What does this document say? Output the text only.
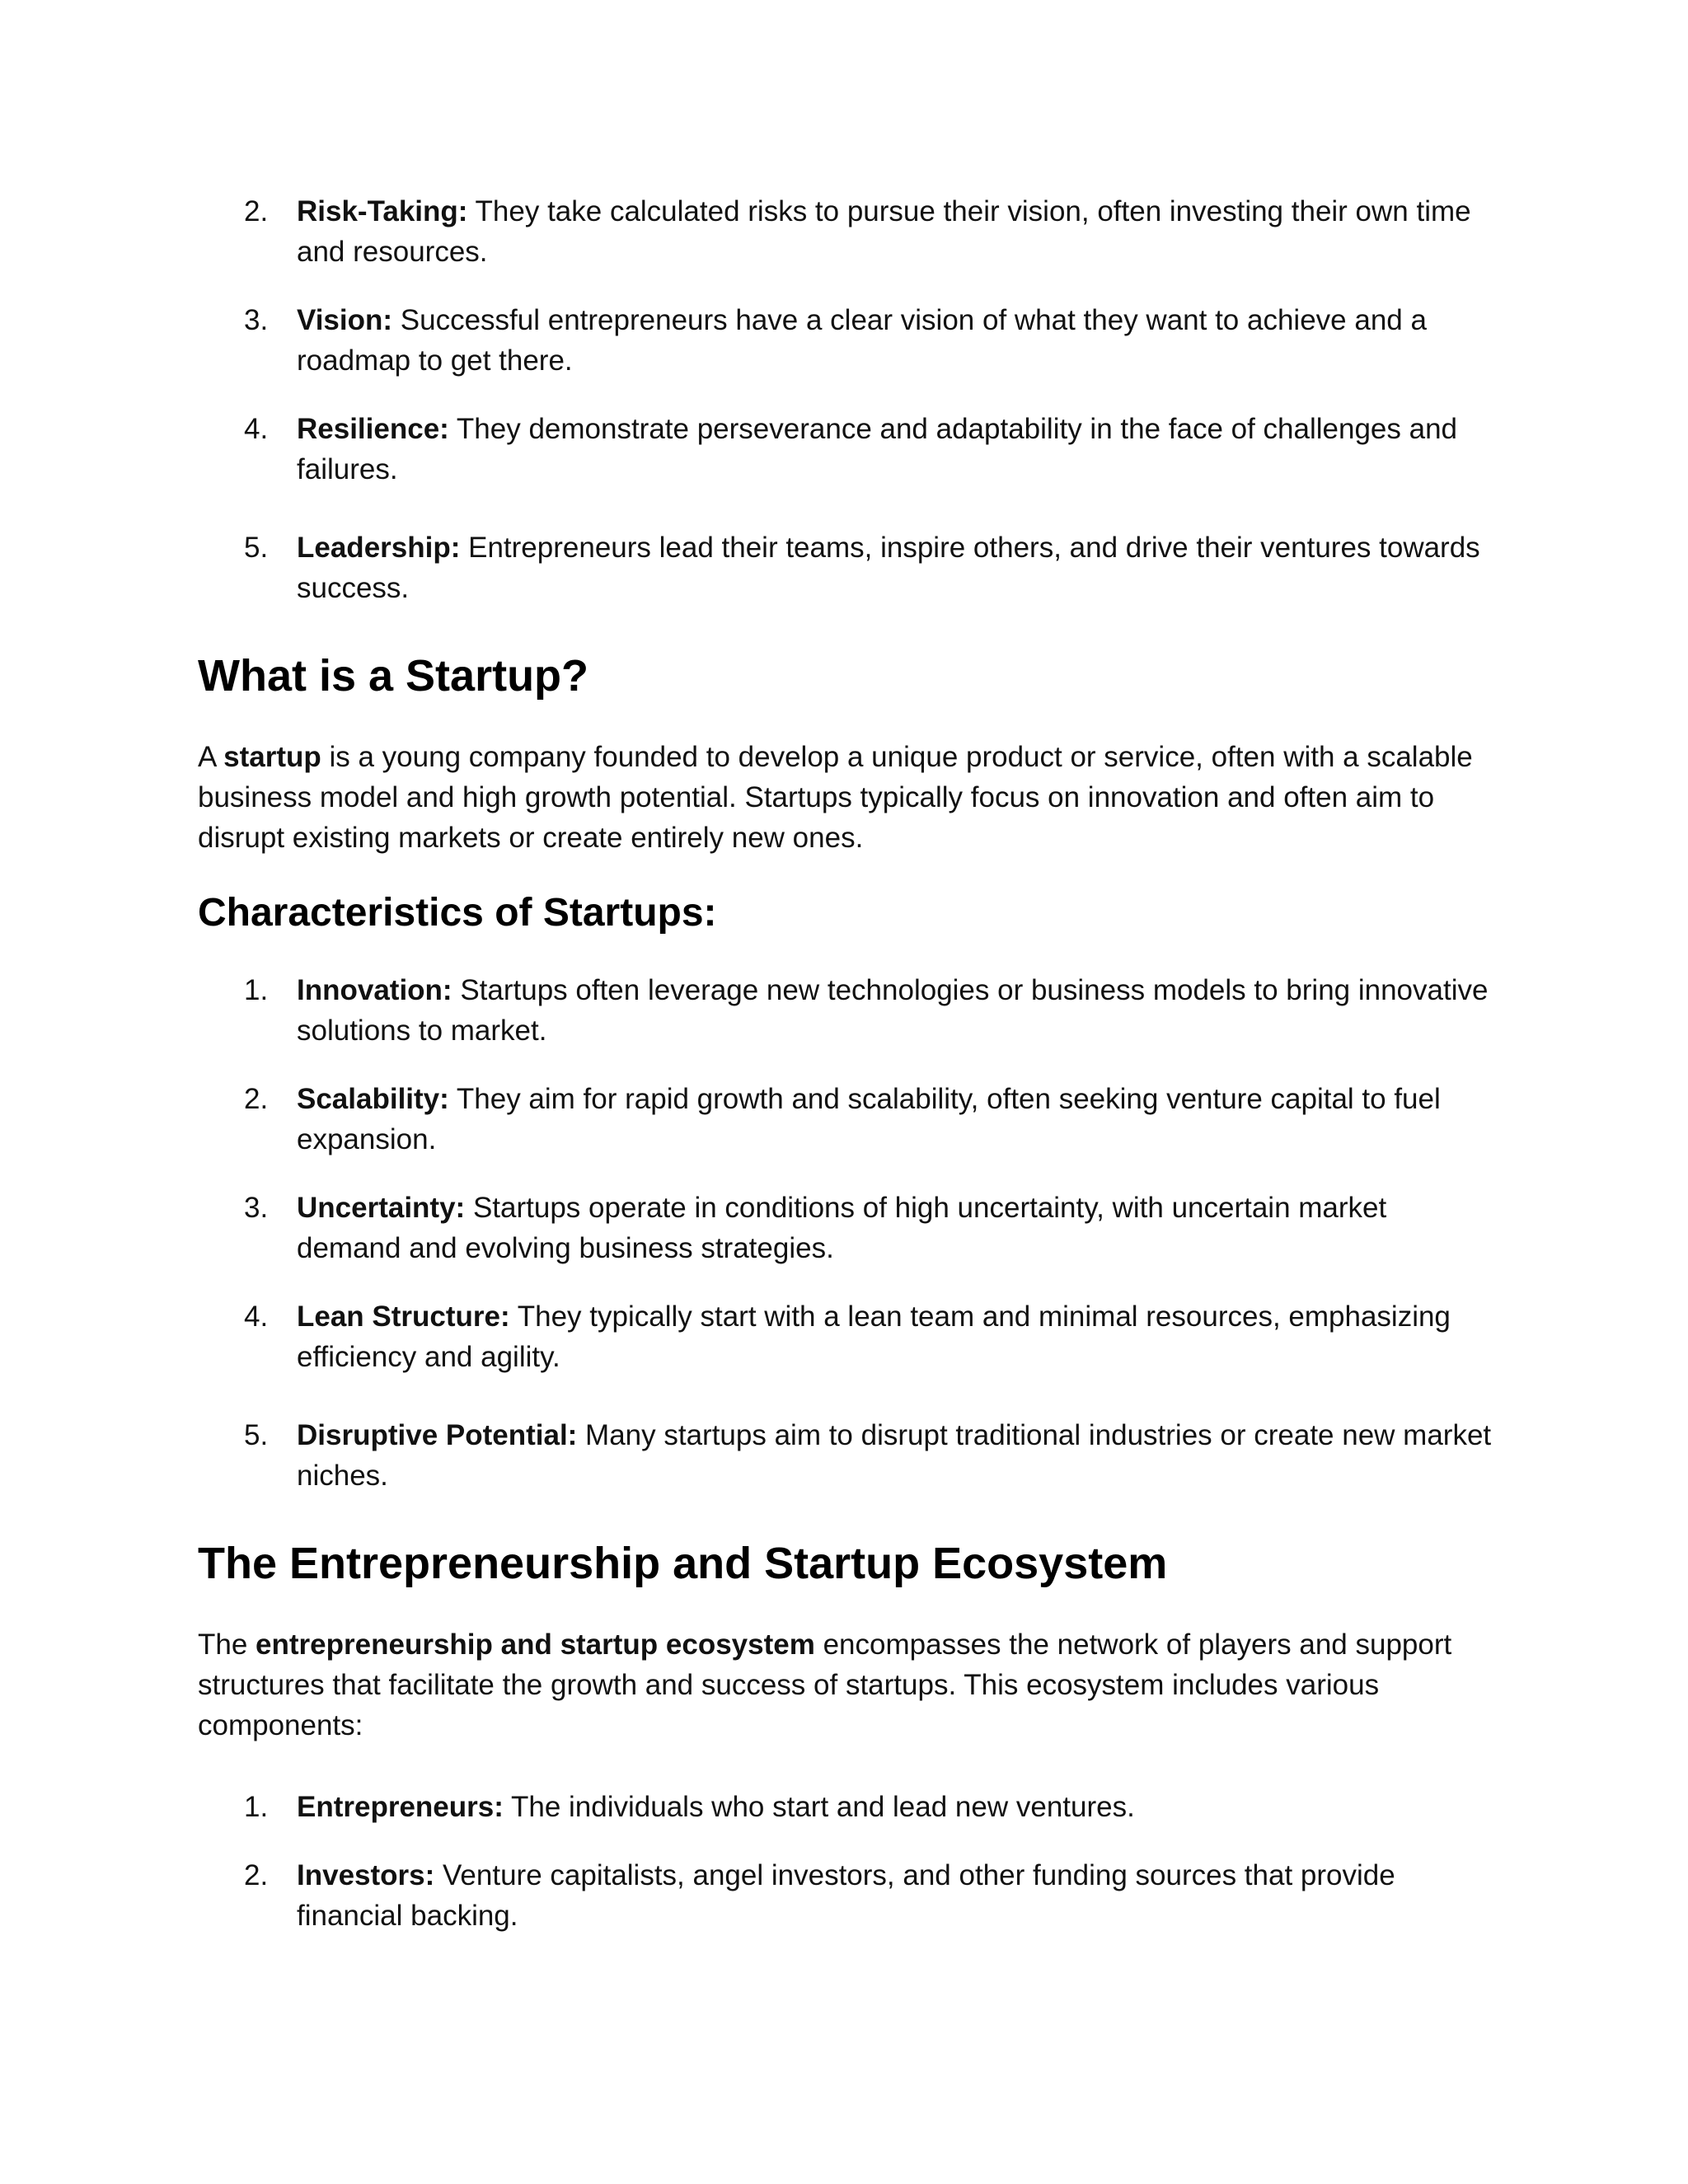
2. Risk-Taking: They take calculated risks to pursue their vision, often investing their own time and resources.
3. Vision: Successful entrepreneurs have a clear vision of what they want to achieve and a roadmap to get there.
4. Resilience: They demonstrate perseverance and adaptability in the face of challenges and failures.
5. Leadership: Entrepreneurs lead their teams, inspire others, and drive their ventures towards success.
What is a Startup?

A startup is a young company founded to develop a unique product or service, often with a scalable business model and high growth potential. Startups typically focus on innovation and often aim to disrupt existing markets or create entirely new ones.

Characteristics of Startups:
1. Innovation: Startups often leverage new technologies or business models to bring innovative solutions to market.
2. Scalability: They aim for rapid growth and scalability, often seeking venture capital to fuel expansion.
3. Uncertainty: Startups operate in conditions of high uncertainty, with uncertain market demand and evolving business strategies.
4. Lean Structure: They typically start with a lean team and minimal resources, emphasizing efficiency and agility.
5. Disruptive Potential: Many startups aim to disrupt traditional industries or create new market niches.
The Entrepreneurship and Startup Ecosystem

The entrepreneurship and startup ecosystem encompasses the network of players and support structures that facilitate the growth and success of startups. This ecosystem includes various components:

1. Entrepreneurs: The individuals who start and lead new ventures.
2. Investors: Venture capitalists, angel investors, and other funding sources that provide financial backing.
